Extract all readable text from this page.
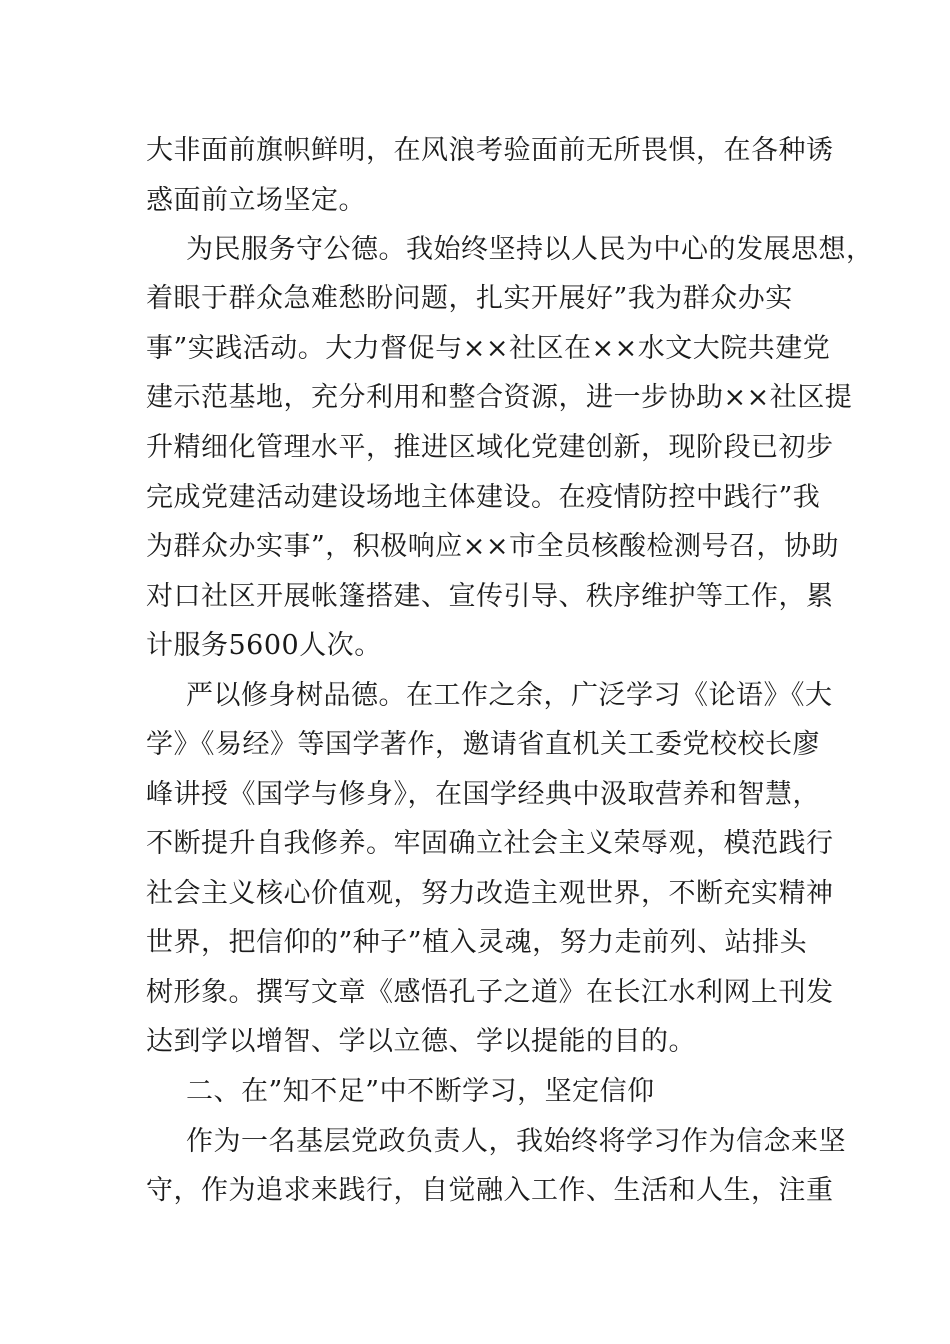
大非面前旗帜鲜明，在风浪考验面前无所畏惧，在各种诱
惑面前立场坚定。
为民服务守公德。我始终坚持以人民为中心的发展思想，
着眼于群众急难愁盼问题，扎实开展好”我为群众办实
事”实践活动。大力督促与××社区在××水文大院共建党
建示范基地，充分利用和整合资源，进一步协助××社区提
升精细化管理水平，推进区域化党建创新，现阶段已初步
完成党建活动建设场地主体建设。在疫情防控中践行”我
为群众办实事”，积极响应××市全员核酸检测号召，协助
对口社区开展帐篷搭建、宣传引导、秩序维护等工作，累
计服务5600人次。
严以修身树品德。在工作之余，广泛学习《论语》《大
学》《易经》等国学著作，邀请省直机关工委党校校长廖
峰讲授《国学与修身》，在国学经典中汲取营养和智慧，
不断提升自我修养。牢固确立社会主义荣辱观，模范践行
社会主义核心价值观，努力改造主观世界，不断充实精神
世界，把信仰的”种子”植入灵魂，努力走前列、站排头
树形象。撰写文章《感悟孔子之道》在长江水利网上刊发
达到学以增智、学以立德、学以提能的目的。
二、在”知不足”中不断学习，坚定信仰
作为一名基层党政负责人，我始终将学习作为信念来坚
守，作为追求来践行，自觉融入工作、生活和人生，注重
